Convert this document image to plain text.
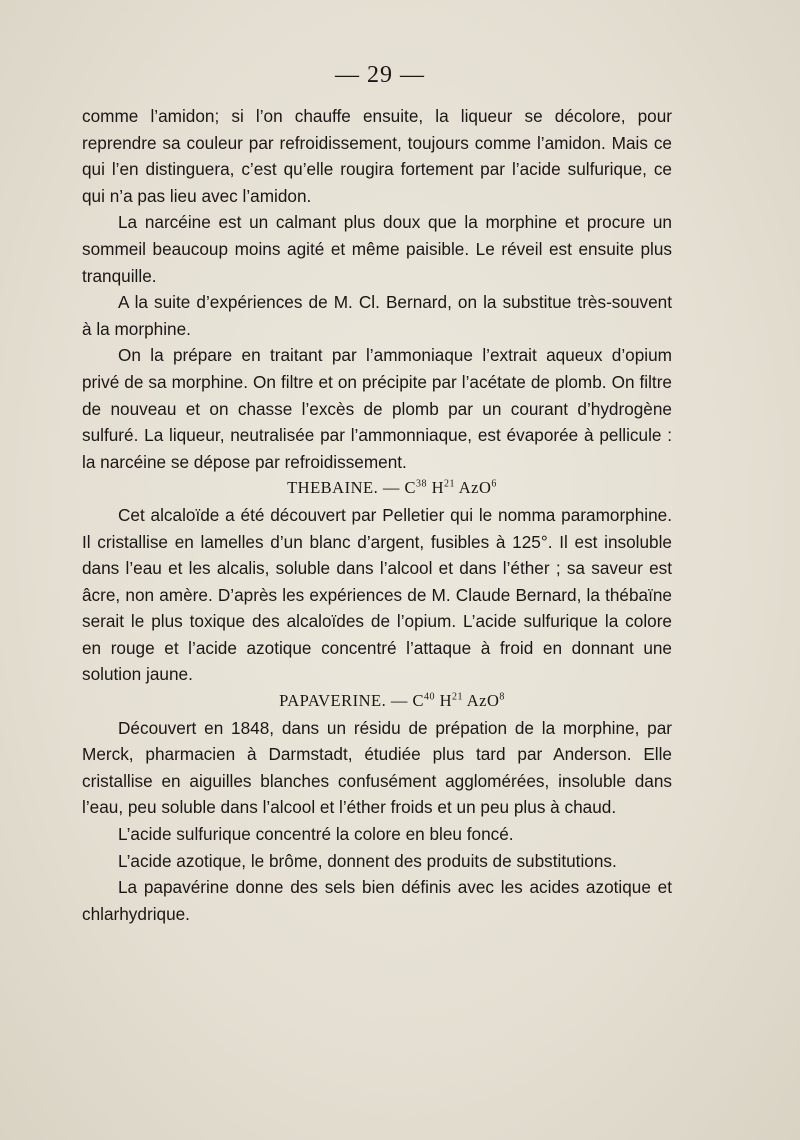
— 29 —

comme l’amidon; si l’on chauffe ensuite, la liqueur se décolore, pour reprendre sa couleur par refroidissement, toujours comme l’amidon. Mais ce qui l’en distinguera, c’est qu’elle rougira fortement par l’acide sulfurique, ce qui n’a pas lieu avec l’amidon.

La narcéine est un calmant plus doux que la morphine et procure un sommeil beaucoup moins agité et même paisible. Le réveil est ensuite plus tranquille.

A la suite d’expériences de M. Cl. Bernard, on la substitue très-souvent à la morphine.

On la prépare en traitant par l’ammoniaque l’extrait aqueux d’opium privé de sa morphine. On filtre et on précipite par l’acétate de plomb. On filtre de nouveau et on chasse l’excès de plomb par un courant d’hydrogène sulfuré. La liqueur, neutralisée par l’ammonniaque, est évaporée à pellicule : la narcéine se dépose par refroidissement.

THEBAINE. — $C^{38}$ $H^{21}$ AzO$^6$

Cet alcaloïde a été découvert par Pelletier qui le nomma paramorphine. Il cristallise en lamelles d’un blanc d’argent, fusibles à 125°. Il est insoluble dans l’eau et les alcalis, soluble dans l’alcool et dans l’éther ; sa saveur est âcre, non amère. D’après les expériences de M. Claude Bernard, la thébaïne serait le plus toxique des alcaloïdes de l’opium. L’acide sulfurique la colore en rouge et l’acide azotique concentré l’attaque à froid en donnant une solution jaune.

PAPAVERINE. — $C^{40}$ $H^{21}$ AzO$^8$

Découvert en 1848, dans un résidu de prépation de la morphine, par Merck, pharmacien à Darmstadt, étudiée plus tard par Anderson. Elle cristallise en aiguilles blanches confusément agglomérées, insoluble dans l’eau, peu soluble dans l’alcool et l’éther froids et un peu plus à chaud.

L’acide sulfurique concentré la colore en bleu foncé.

L’acide azotique, le brôme, donnent des produits de substitutions.

La papavérine donne des sels bien définis avec les acides azotique et chlarhydrique.
